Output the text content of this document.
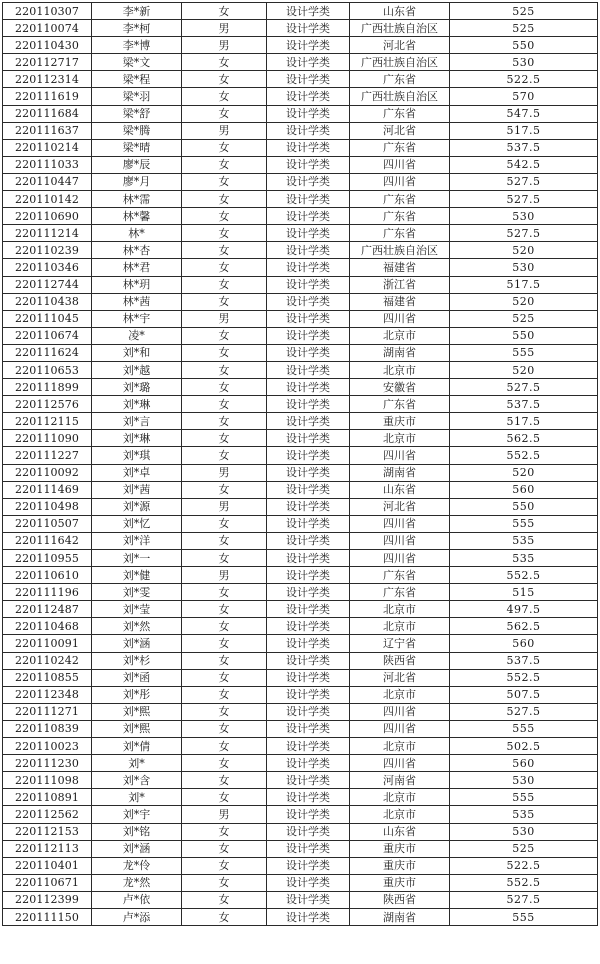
220110307	李*新	女	设计学类	山东省	525
220110074	李*柯	男	设计学类	广西壮族自治区	525
220110430	李*博	男	设计学类	河北省	550
220112717	梁*文	女	设计学类	广西壮族自治区	530
220112314	梁*程	女	设计学类	广东省	522.5
220111619	梁*羽	女	设计学类	广西壮族自治区	570
220111684	梁*舒	女	设计学类	广东省	547.5
220111637	梁*腾	男	设计学类	河北省	517.5
220110214	梁*晴	女	设计学类	广东省	537.5
220111033	廖*辰	女	设计学类	四川省	542.5
220110447	廖*月	女	设计学类	四川省	527.5
220110142	林*霈	女	设计学类	广东省	527.5
220110690	林*馨	女	设计学类	广东省	530
220111214	林*	女	设计学类	广东省	527.5
220110239	林*杏	女	设计学类	广西壮族自治区	520
220110346	林*君	女	设计学类	福建省	530
220112744	林*玥	女	设计学类	浙江省	517.5
220110438	林*茜	女	设计学类	福建省	520
220111045	林*宇	男	设计学类	四川省	525
220110674	凌*	女	设计学类	北京市	550
220111624	刘*和	女	设计学类	湖南省	555
220110653	刘*越	女	设计学类	北京市	520
220111899	刘*璐	女	设计学类	安徽省	527.5
220112576	刘*琳	女	设计学类	广东省	537.5
220112115	刘*言	女	设计学类	重庆市	517.5
220111090	刘*琳	女	设计学类	北京市	562.5
220111227	刘*琪	女	设计学类	四川省	552.5
220110092	刘*卓	男	设计学类	湖南省	520
220111469	刘*茜	女	设计学类	山东省	560
220110498	刘*源	男	设计学类	河北省	550
220110507	刘*忆	女	设计学类	四川省	555
220111642	刘*洋	女	设计学类	四川省	535
220110955	刘*一	女	设计学类	四川省	535
220110610	刘*健	男	设计学类	广东省	552.5
220111196	刘*雯	女	设计学类	广东省	515
220112487	刘*莹	女	设计学类	北京市	497.5
220110468	刘*然	女	设计学类	北京市	562.5
220110091	刘*涵	女	设计学类	辽宁省	560
220110242	刘*杉	女	设计学类	陕西省	537.5
220110855	刘*函	女	设计学类	河北省	552.5
220112348	刘*彤	女	设计学类	北京市	507.5
220111271	刘*熙	女	设计学类	四川省	527.5
220110839	刘*熙	女	设计学类	四川省	555
220110023	刘*倩	女	设计学类	北京市	502.5
220111230	刘*	女	设计学类	四川省	560
220111098	刘*含	女	设计学类	河南省	530
220110891	刘*	女	设计学类	北京市	555
220112562	刘*宇	男	设计学类	北京市	535
220112153	刘*铭	女	设计学类	山东省	530
220112113	刘*涵	女	设计学类	重庆市	525
220110401	龙*伶	女	设计学类	重庆市	522.5
220110671	龙*然	女	设计学类	重庆市	552.5
220112399	卢*依	女	设计学类	陕西省	527.5
220111150	卢*添	女	设计学类	湖南省	555
